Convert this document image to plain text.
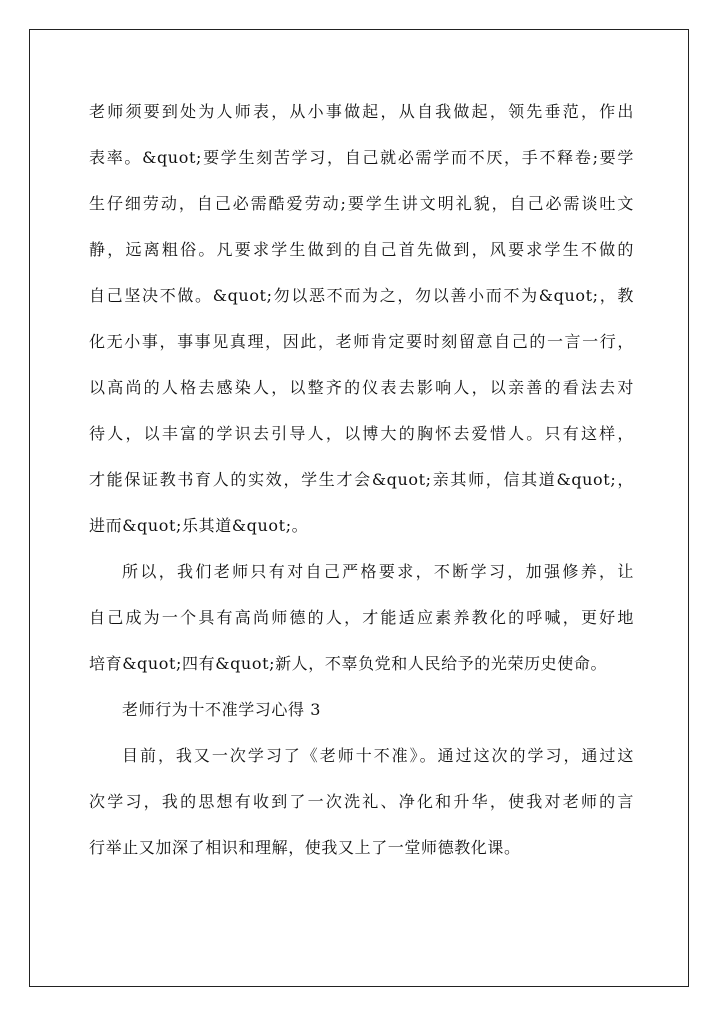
老师须要到处为人师表，从小事做起，从自我做起，领先垂范，作出
表率。&quot;要学生刻苦学习，自己就必需学而不厌，手不释卷;要学
生仔细劳动，自己必需酷爱劳动;要学生讲文明礼貌，自己必需谈吐文
静，远离粗俗。凡要求学生做到的自己首先做到，风要求学生不做的
自己坚决不做。&quot;勿以恶不而为之，勿以善小而不为&quot;，教
化无小事，事事见真理，因此，老师肯定要时刻留意自己的一言一行，
以高尚的人格去感染人，以整齐的仪表去影响人，以亲善的看法去对
待人，以丰富的学识去引导人，以博大的胸怀去爱惜人。只有这样，
才能保证教书育人的实效，学生才会&quot;亲其师，信其道&quot;，
进而&quot;乐其道&quot;。
所以，我们老师只有对自己严格要求，不断学习，加强修养，让
自己成为一个具有高尚师德的人，才能适应素养教化的呼喊，更好地
培育&quot;四有&quot;新人，不辜负党和人民给予的光荣历史使命。
老师行为十不准学习心得 3
目前，我又一次学习了《老师十不准》。通过这次的学习，通过这
次学习，我的思想有收到了一次洗礼、净化和升华，使我对老师的言
行举止又加深了相识和理解，使我又上了一堂师德教化课。
